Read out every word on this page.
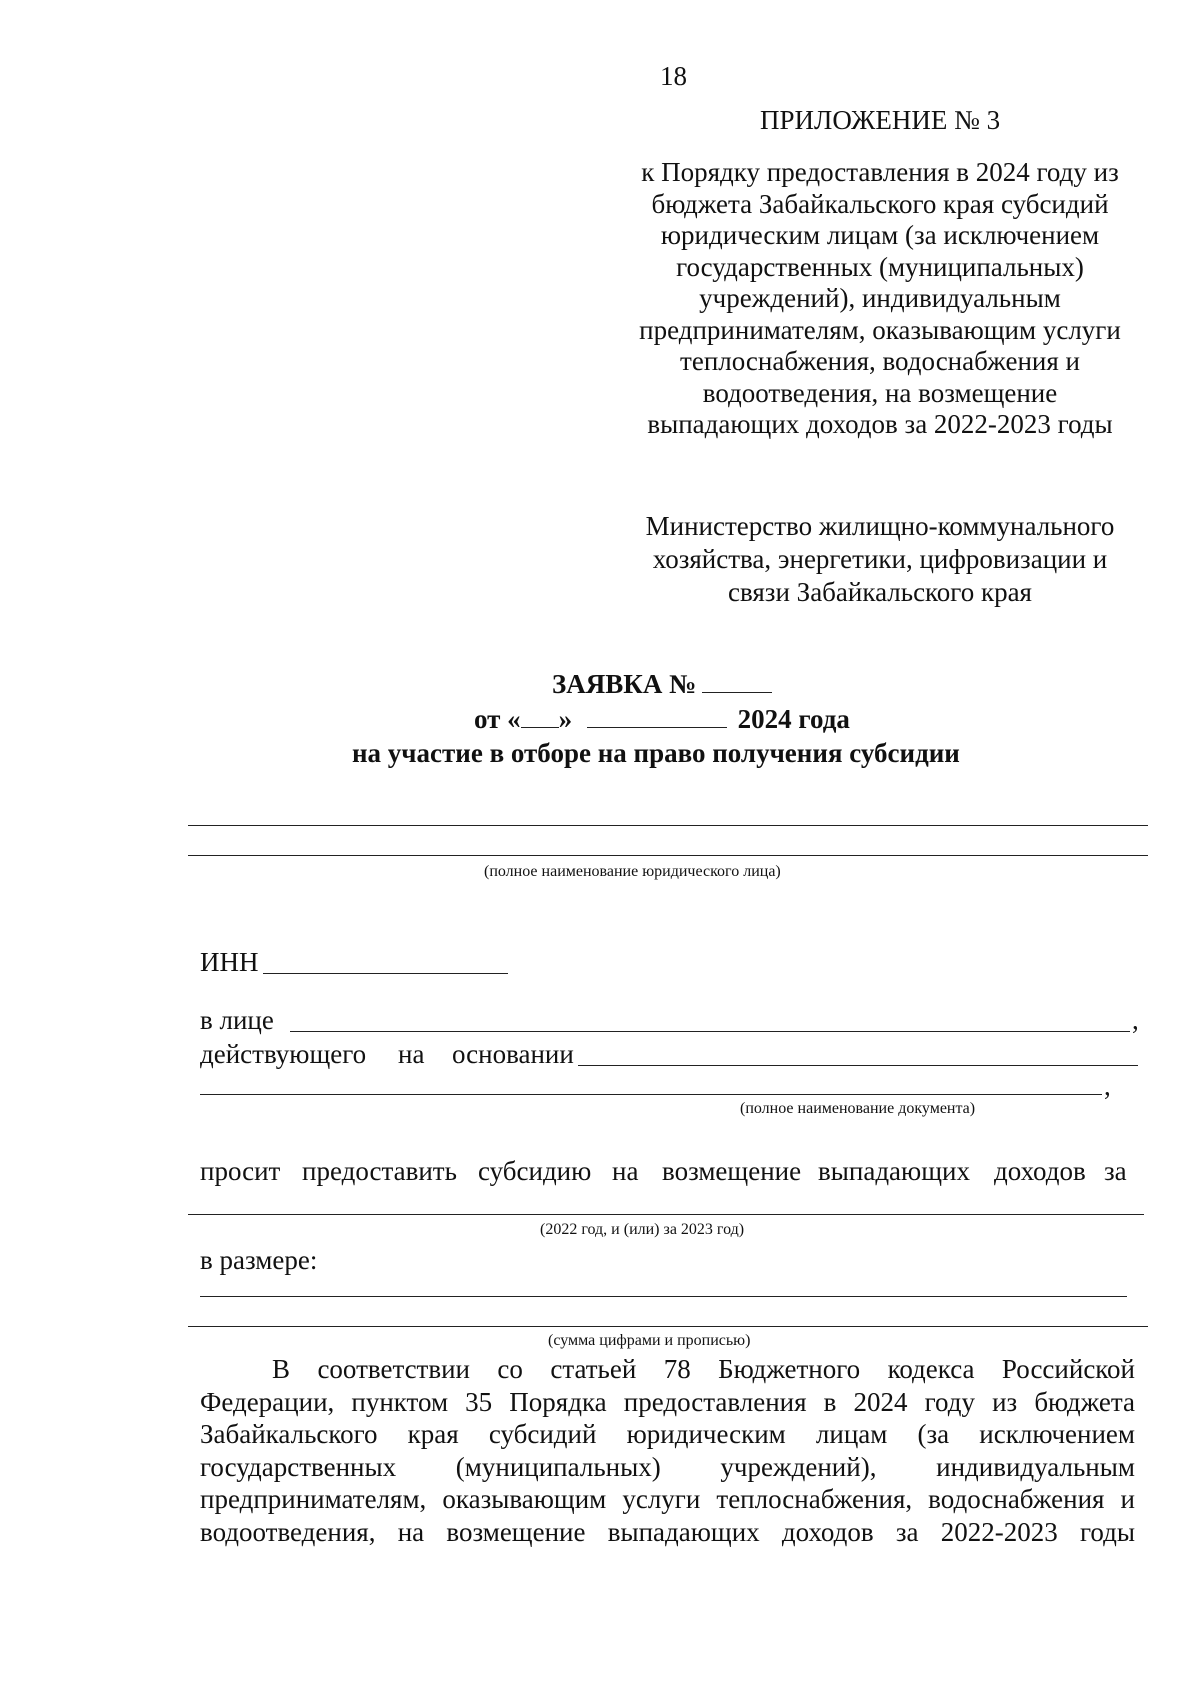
18
ПРИЛОЖЕНИЕ № 3
к Порядку предоставления в 2024 году из
бюджета Забайкальского края субсидий
юридическим лицам (за исключением
государственных (муниципальных)
учреждений), индивидуальным
предпринимателям, оказывающим услуги
теплоснабжения, водоснабжения и
водоотведения, на возмещение
выпадающих доходов за 2022-2023 годы
Министерство жилищно-коммунального
хозяйства, энергетики, цифровизации и
связи Забайкальского края
ЗАЯВКА №
от « »	2024 года
на участие в отборе на право получения субсидии
(полное наименование юридического лица)
ИНН
в лице	,
действующего на основании
,
(полное наименование документа)
просит предоставить субсидию на возмещение выпадающих доходов за
(2022 год, и (или) за 2023 год)
в размере:
(сумма цифрами и прописью)
В соответствии со статьей 78 Бюджетного кодекса Российской
Федерации, пунктом 35 Порядка предоставления в 2024 году из бюджета
Забайкальского края субсидий юридическим лицам (за исключением
государственных (муниципальных) учреждений), индивидуальным
предпринимателям, оказывающим услуги теплоснабжения, водоснабжения и
водоотведения, на возмещение выпадающих доходов за 2022-2023 годы
